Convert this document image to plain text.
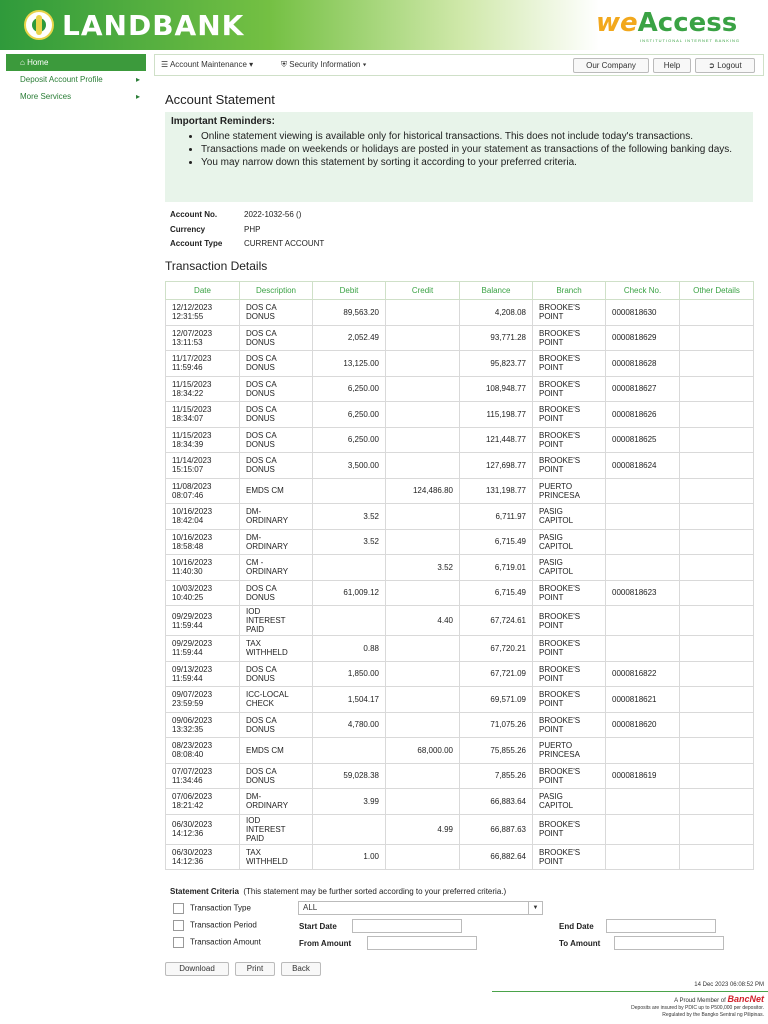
LANDBANK	weAccess
INSTITUTIONAL INTERNET BANKING
⌂ Home
Deposit Account Profile	▸
More Services	▸
☰ Account Maintenance ▾	⛨ Security Information ▾	Our Company	Help	➲ Logout
Account Statement
Important Reminders:
• Online statement viewing is available only for historical transactions. This does not include today's transactions.
• Transactions made on weekends or holidays are posted in your statement as transactions of the following banking days.
• You may narrow down this statement by sorting it according to your preferred criteria.
Account No.	2022-1032-56 ()
Currency	PHP
Account Type	CURRENT ACCOUNT
Transaction Details
Date	Description	Debit	Credit	Balance	Branch	Check No.	Other Details
12/12/2023
12:31:55	DOS CA
DONUS	89,563.20		4,208.08	BROOKE'S
POINT	0000818630	
12/07/2023
13:11:53	DOS CA
DONUS	2,052.49		93,771.28	BROOKE'S
POINT	0000818629	
11/17/2023
11:59:46	DOS CA
DONUS	13,125.00		95,823.77	BROOKE'S
POINT	0000818628	
11/15/2023
18:34:22	DOS CA
DONUS	6,250.00		108,948.77	BROOKE'S
POINT	0000818627	
11/15/2023
18:34:07	DOS CA
DONUS	6,250.00		115,198.77	BROOKE'S
POINT	0000818626	
11/15/2023
18:34:39	DOS CA
DONUS	6,250.00		121,448.77	BROOKE'S
POINT	0000818625	
11/14/2023
15:15:07	DOS CA
DONUS	3,500.00		127,698.77	BROOKE'S
POINT	0000818624	
11/08/2023
08:07:46	EMDS CM		124,486.80	131,198.77	PUERTO
PRINCESA		
10/16/2023
18:42:04	DM-
ORDINARY	3.52		6,711.97	PASIG
CAPITOL		
10/16/2023
18:58:48	DM-
ORDINARY	3.52		6,715.49	PASIG
CAPITOL		
10/16/2023
11:40:30	CM -
ORDINARY		3.52	6,719.01	PASIG
CAPITOL		
10/03/2023
10:40:25	DOS CA
DONUS	61,009.12		6,715.49	BROOKE'S
POINT	0000818623	
09/29/2023
11:59:44	IOD
INTEREST
PAID		4.40	67,724.61	BROOKE'S
POINT		
09/29/2023
11:59:44	TAX
WITHHELD	0.88		67,720.21	BROOKE'S
POINT		
09/13/2023
11:59:44	DOS CA
DONUS	1,850.00		67,721.09	BROOKE'S
POINT	0000816822	
09/07/2023
23:59:59	ICC-LOCAL
CHECK	1,504.17		69,571.09	BROOKE'S
POINT	0000818621	
09/06/2023
13:32:35	DOS CA
DONUS	4,780.00		71,075.26	BROOKE'S
POINT	0000818620	
08/23/2023
08:08:40	EMDS CM		68,000.00	75,855.26	PUERTO
PRINCESA		
07/07/2023
11:34:46	DOS CA
DONUS	59,028.38		7,855.26	BROOKE'S
POINT	0000818619	
07/06/2023
18:21:42	DM-
ORDINARY	3.99		66,883.64	PASIG
CAPITOL		
06/30/2023
14:12:36	IOD
INTEREST
PAID		4.99	66,887.63	BROOKE'S
POINT		
06/30/2023
14:12:36	TAX
WITHHELD	1.00		66,882.64	BROOKE'S
POINT		
Statement Criteria (This statement may be further sorted according to your preferred criteria.)
Transaction Type	ALL	▼
Transaction Period	Start Date	End Date
Transaction Amount	From Amount	To Amount
Download	Print	Back
14 Dec 2023 06:08:52 PM
A Proud Member of BancNet
Deposits are insured by PDIC up to P500,000 per depositor.
Regulated by the Bangko Sentral ng Pilipinas.
